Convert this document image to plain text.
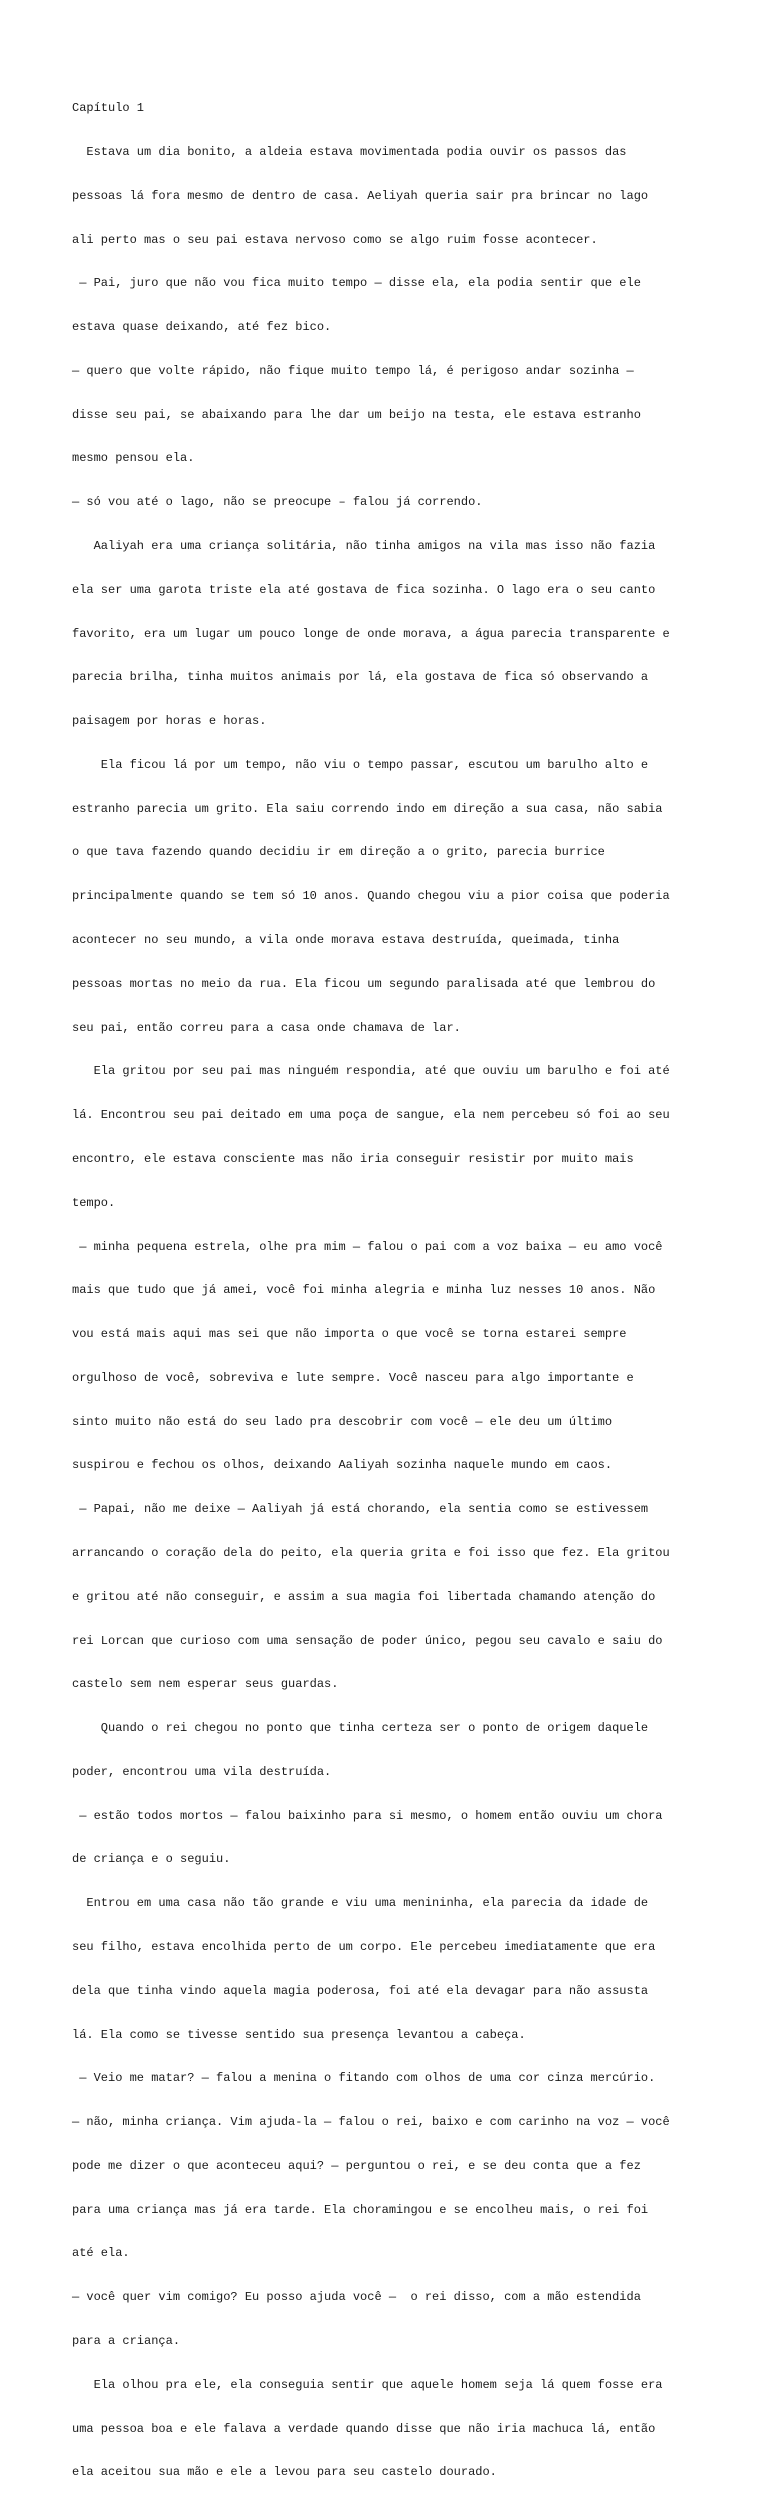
Capítulo 1

Estava um dia bonito, a aldeia estava movimentada podia ouvir os passos das

pessoas lá fora mesmo de dentro de casa. Aeliyah queria sair pra brincar no lago

ali perto mas o seu pai estava nervoso como se algo ruim fosse acontecer.

— Pai, juro que não vou fica muito tempo — disse ela, ela podia sentir que ele

estava quase deixando, até fez bico.

— quero que volte rápido, não fique muito tempo lá, é perigoso andar sozinha —

disse seu pai, se abaixando para lhe dar um beijo na testa, ele estava estranho

mesmo pensou ela.

— só vou até o lago, não se preocupe – falou já correndo.

Aaliyah era uma criança solitária, não tinha amigos na vila mas isso não fazia

ela ser uma garota triste ela até gostava de fica sozinha. O lago era o seu canto

favorito, era um lugar um pouco longe de onde morava, a água parecia transparente e

parecia brilha, tinha muitos animais por lá, ela gostava de fica só observando a

paisagem por horas e horas.

Ela ficou lá por um tempo, não viu o tempo passar, escutou um barulho alto e

estranho parecia um grito. Ela saiu correndo indo em direção a sua casa, não sabia

o que tava fazendo quando decidiu ir em direção a o grito, parecia burrice

principalmente quando se tem só 10 anos. Quando chegou viu a pior coisa que poderia

acontecer no seu mundo, a vila onde morava estava destruída, queimada, tinha

pessoas mortas no meio da rua. Ela ficou um segundo paralisada até que lembrou do

seu pai, então correu para a casa onde chamava de lar.

Ela gritou por seu pai mas ninguém respondia, até que ouviu um barulho e foi até

lá. Encontrou seu pai deitado em uma poça de sangue, ela nem percebeu só foi ao seu

encontro, ele estava consciente mas não iria conseguir resistir por muito mais

tempo.

— minha pequena estrela, olhe pra mim — falou o pai com a voz baixa — eu amo você

mais que tudo que já amei, você foi minha alegria e minha luz nesses 10 anos. Não

vou está mais aqui mas sei que não importa o que você se torna estarei sempre

orgulhoso de você, sobreviva e lute sempre. Você nasceu para algo importante e

sinto muito não está do seu lado pra descobrir com você — ele deu um último

suspirou e fechou os olhos, deixando Aaliyah sozinha naquele mundo em caos.

— Papai, não me deixe — Aaliyah já está chorando, ela sentia como se estivessem

arrancando o coração dela do peito, ela queria grita e foi isso que fez. Ela gritou

e gritou até não conseguir, e assim a sua magia foi libertada chamando atenção do

rei Lorcan que curioso com uma sensação de poder único, pegou seu cavalo e saiu do

castelo sem nem esperar seus guardas.

Quando o rei chegou no ponto que tinha certeza ser o ponto de origem daquele

poder, encontrou uma vila destruída.

— estão todos mortos — falou baixinho para si mesmo, o homem então ouviu um chora

de criança e o seguiu.

Entrou em uma casa não tão grande e viu uma menininha, ela parecia da idade de

seu filho, estava encolhida perto de um corpo. Ele percebeu imediatamente que era

dela que tinha vindo aquela magia poderosa, foi até ela devagar para não assusta

lá. Ela como se tivesse sentido sua presença levantou a cabeça.

— Veio me matar? — falou a menina o fitando com olhos de uma cor cinza mercúrio.

— não, minha criança. Vim ajuda-la — falou o rei, baixo e com carinho na voz — você

pode me dizer o que aconteceu aqui? — perguntou o rei, e se deu conta que a fez

para uma criança mas já era tarde. Ela choramingou e se encolheu mais, o rei foi

até ela.

— você quer vim comigo? Eu posso ajuda você —  o rei disso, com a mão estendida

para a criança.

Ela olhou pra ele, ela conseguia sentir que aquele homem seja lá quem fosse era

uma pessoa boa e ele falava a verdade quando disse que não iria machuca lá, então

ela aceitou sua mão e ele a levou para seu castelo dourado.
